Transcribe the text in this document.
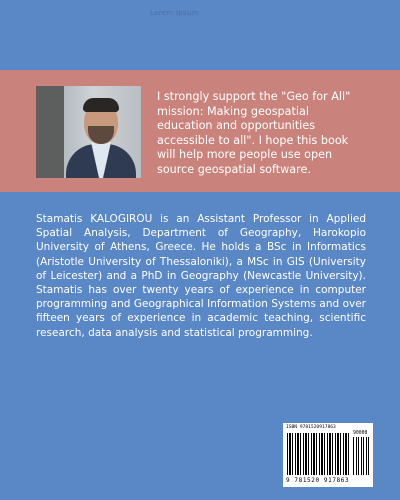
Lorem Ipsum
I strongly support the "Geo for All" mission: Making geospatial education and opportunities accessible to all". I hope this book will help more people use open source geospatial software.
Stamatis KALOGIROU is an Assistant Professor in Applied Spatial Analysis, Department of Geography, Harokopio University of Athens, Greece. He holds a BSc in Informatics (Aristotle University of Thessaloniki), a MSc in GIS (University of Leicester) and a PhD in Geography (Newcastle University). Stamatis has over twenty years of experience in computer programming and Geographical Information Systems and over fifteen years of experience in academic teaching, scientific research, data analysis and statistical programming.
ISBN 9781520917863
90000
9 781520 917863
